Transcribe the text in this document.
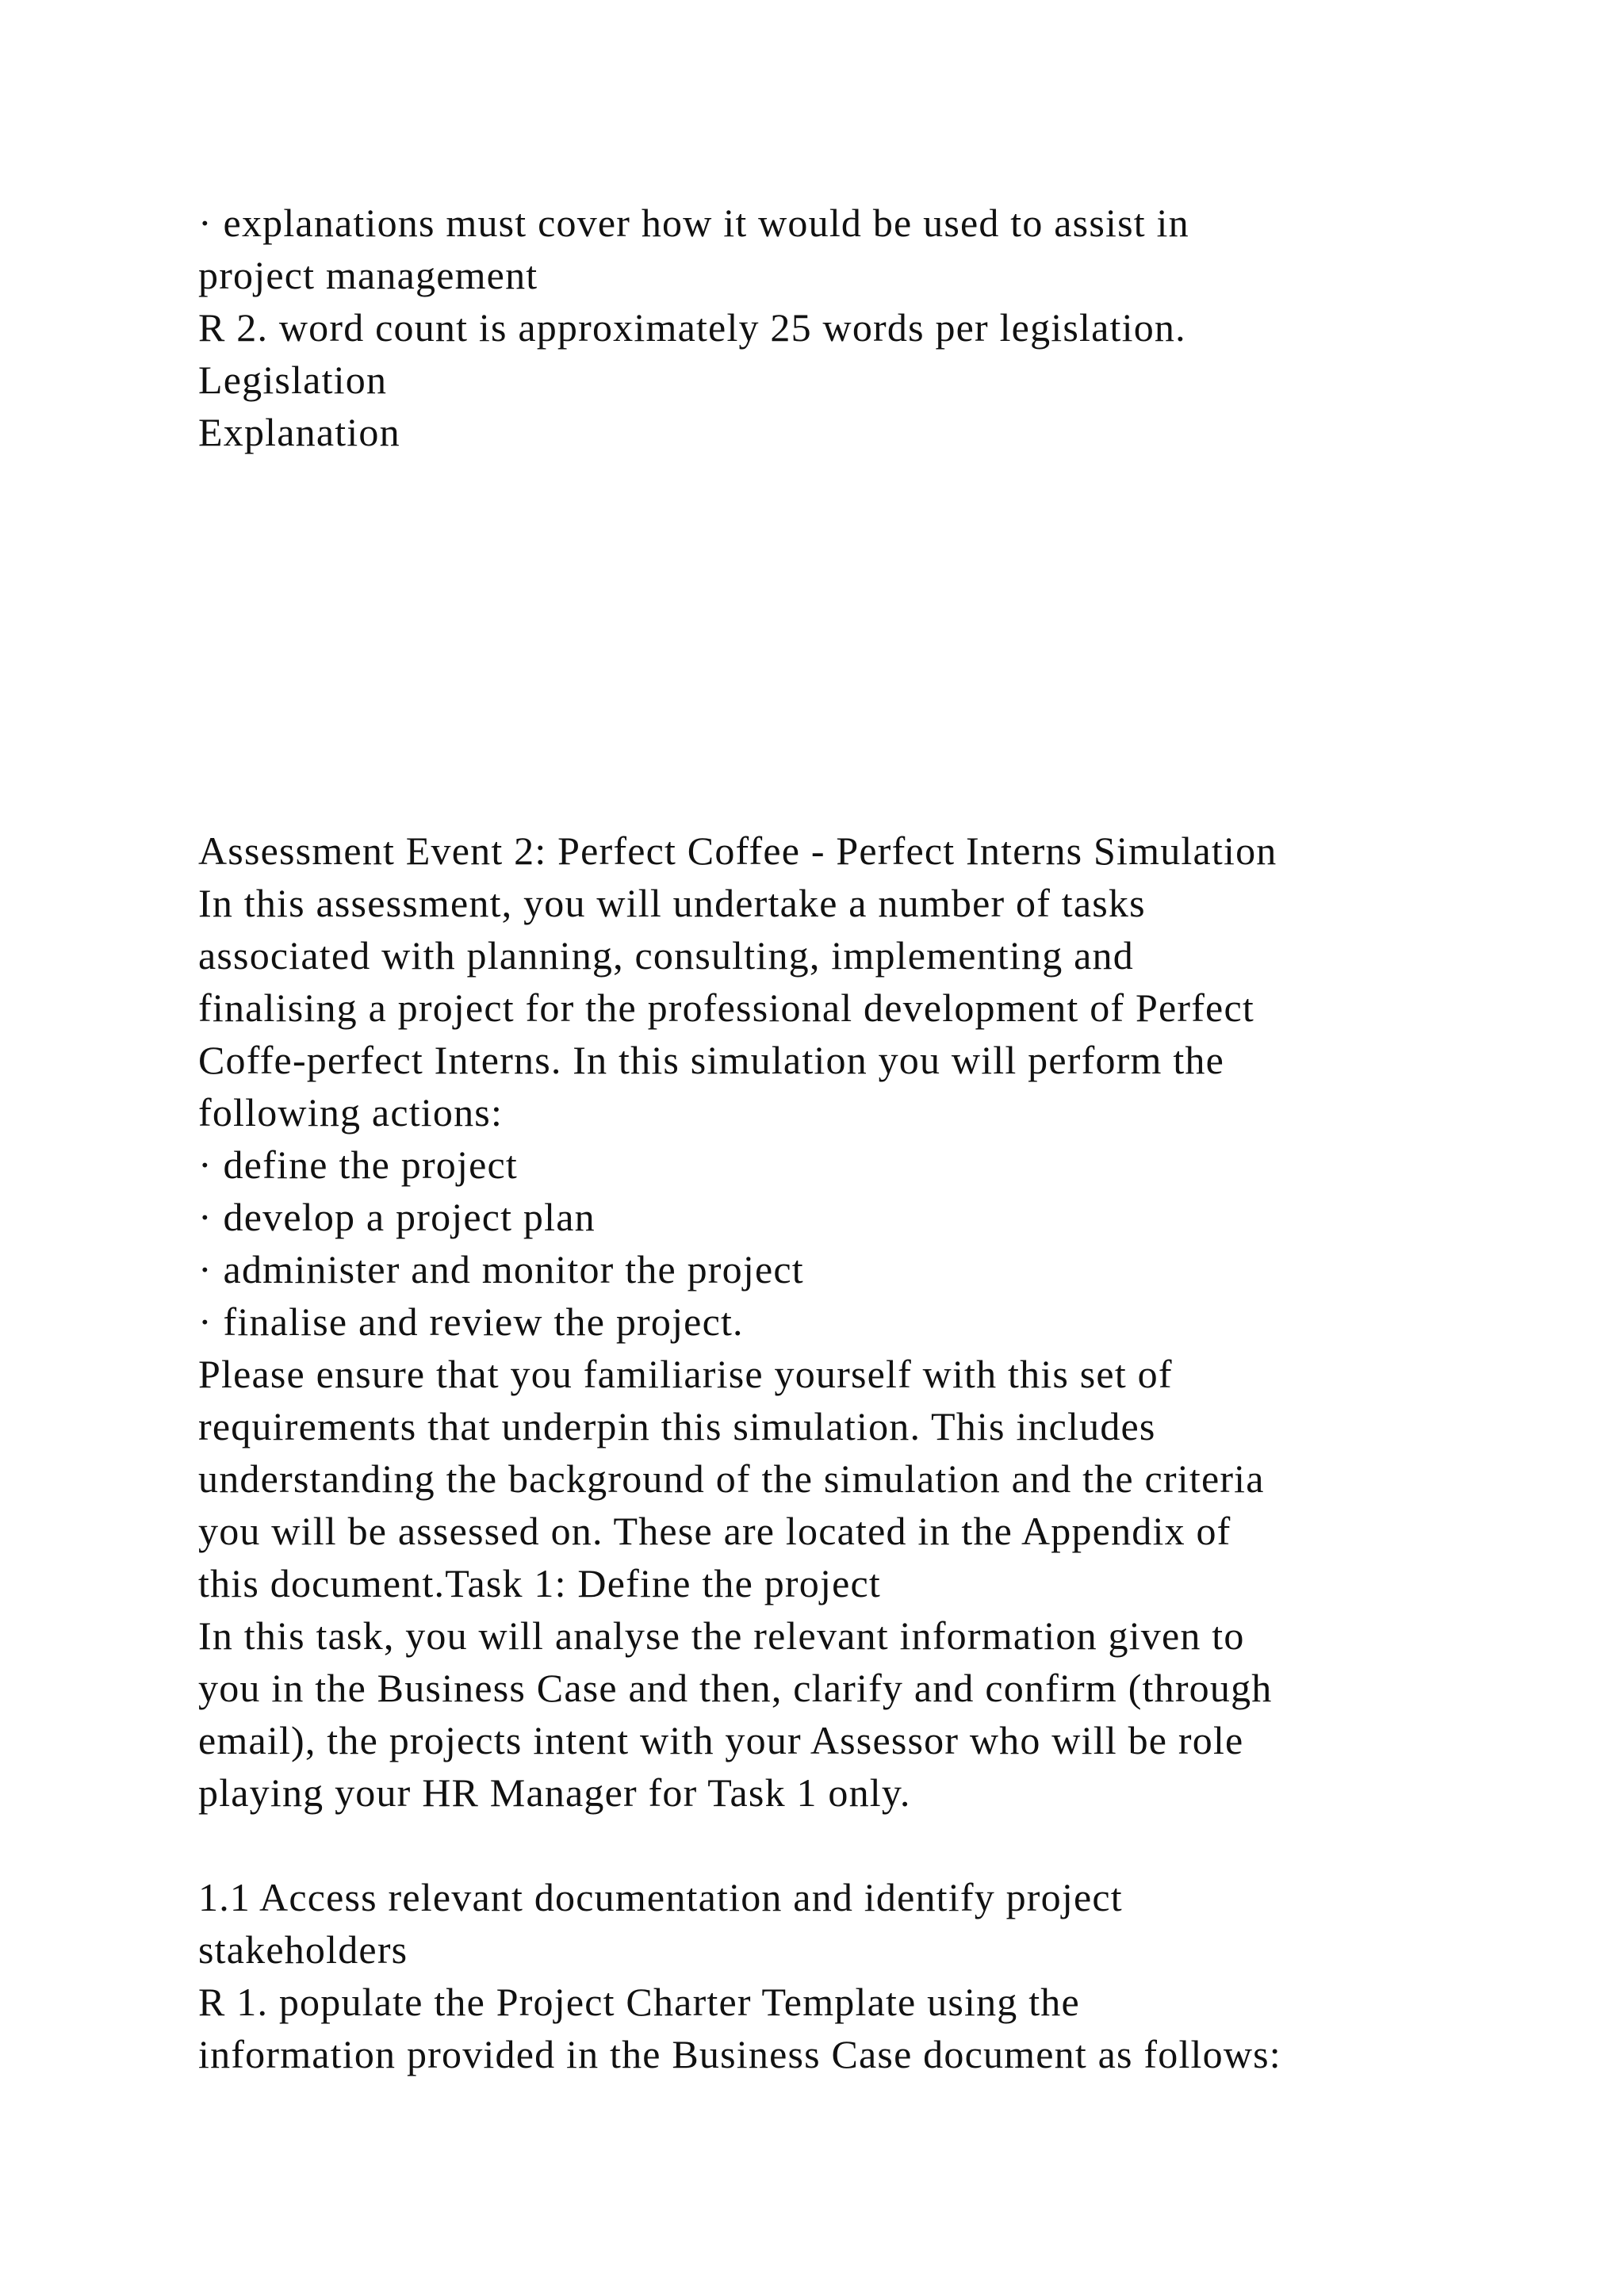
· explanations must cover how it would be used to assist in

project management

R 2. word count is approximately 25 words per legislation.

Legislation

Explanation

Assessment Event 2: Perfect Coffee - Perfect Interns Simulation

In this assessment, you will undertake a number of tasks

associated with planning, consulting, implementing and

finalising a project for the professional development of Perfect

Coffe-perfect Interns. In this simulation you will perform the

following actions:

· define the project

· develop a project plan

· administer and monitor the project

· finalise and review the project.

Please ensure that you familiarise yourself with this set of

requirements that underpin this simulation. This includes

understanding the background of the simulation and the criteria

you will be assessed on. These are located in the Appendix of

this document.Task 1: Define the project

In this task, you will analyse the relevant information given to

you in the Business Case and then, clarify and confirm (through

email), the projects intent with your Assessor who will be role

playing your HR Manager for Task 1 only.

1.1 Access relevant documentation and identify project

stakeholders

R 1. populate the Project Charter Template using the

information provided in the Business Case document as follows:
